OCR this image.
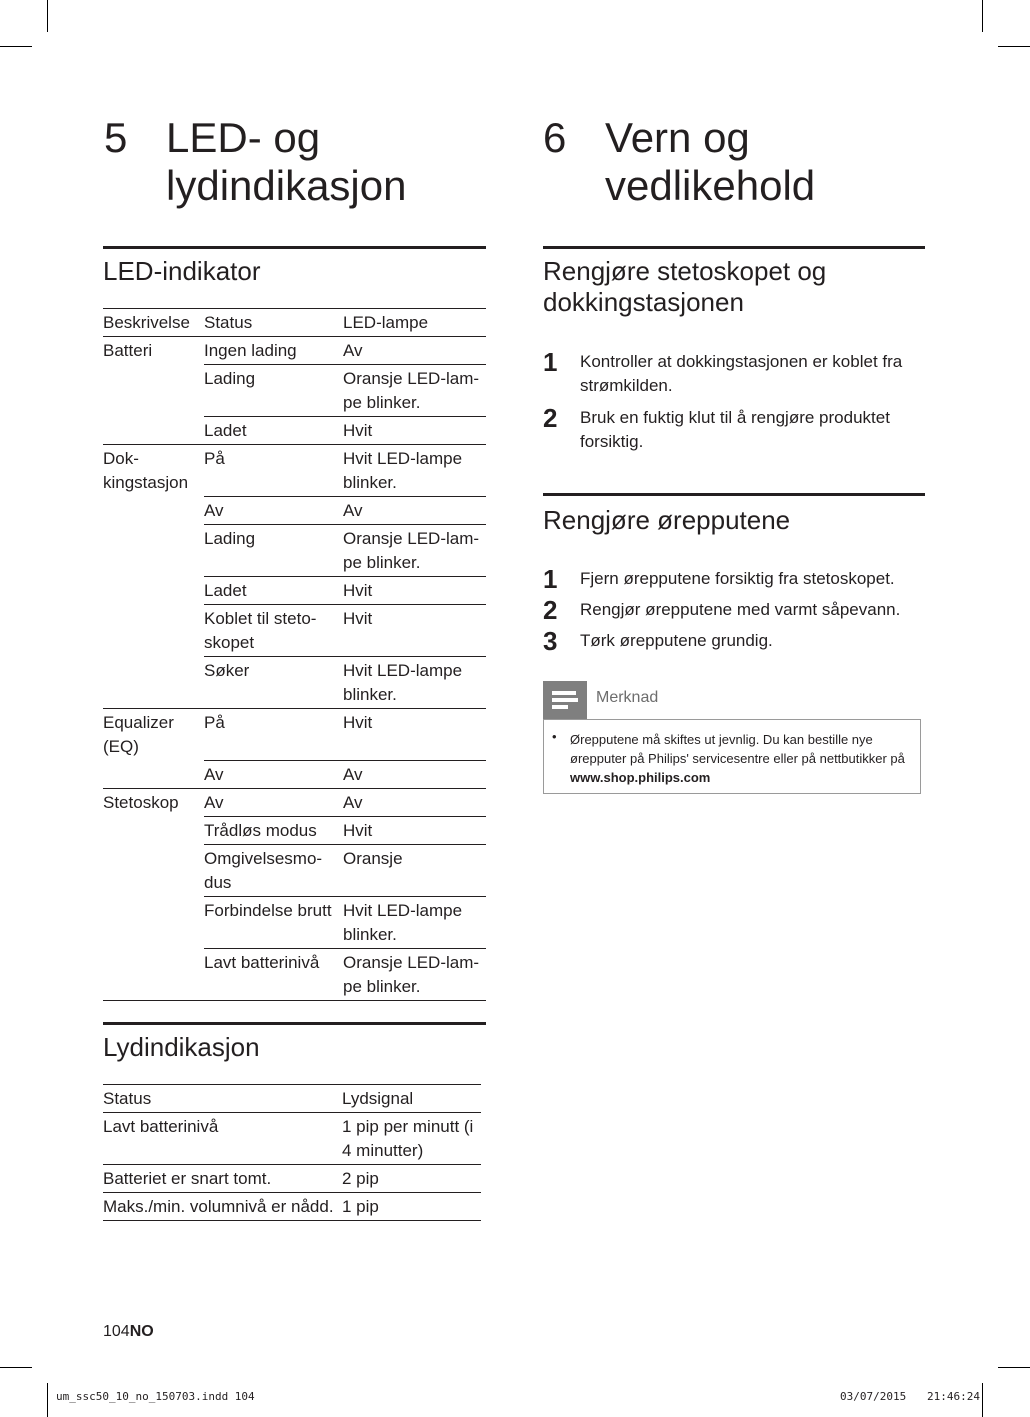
5 LED- og lydindikasjon
LED-indikator
Beskrivelse	Status	LED-lampe
Batteri	Ingen lading	Av
	Lading	Oransje LED-lam-pe blinker.
	Ladet	Hvit
Dok-kingstasjon	På	Hvit LED-lampe blinker.
	Av	Av
	Lading	Oransje LED-lam-pe blinker.
	Ladet	Hvit
	Koblet til steto-skopet	Hvit
	Søker	Hvit LED-lampe blinker.
Equalizer (EQ)	På	Hvit
	Av	Av
Stetoskop	Av	Av
	Trådløs modus	Hvit
	Omgivelsesmo-dus	Oransje
	Forbindelse brutt	Hvit LED-lampe blinker.
	Lavt batterinivå	Oransje LED-lam-pe blinker.
Lydindikasjon
Status	Lydsignal
Lavt batterinivå	1 pip per minutt (i 4 minutter)
Batteriet er snart tomt.	2 pip
Maks./min. volumnivå er nådd.	1 pip
104NO
6 Vern og vedlikehold
Rengjøre stetoskopet og dokkingstasjonen
1 Kontroller at dokkingstasjonen er koblet fra strømkilden.
2 Bruk en fuktig klut til å rengjøre produktet forsiktig.
Rengjøre ørepputene
1 Fjern ørepputene forsiktig fra stetoskopet.
2 Rengjør ørepputene med varmt såpevann.
3 Tørk ørepputene grundig.
Merknad
• Ørepputene må skiftes ut jevnlig. Du kan bestille nye ørepputer på Philips' servicesentre eller på nettbutikker på www.shop.philips.com
um_ssc50_10_no_150703.indd 104	03/07/2015 21:46:24
